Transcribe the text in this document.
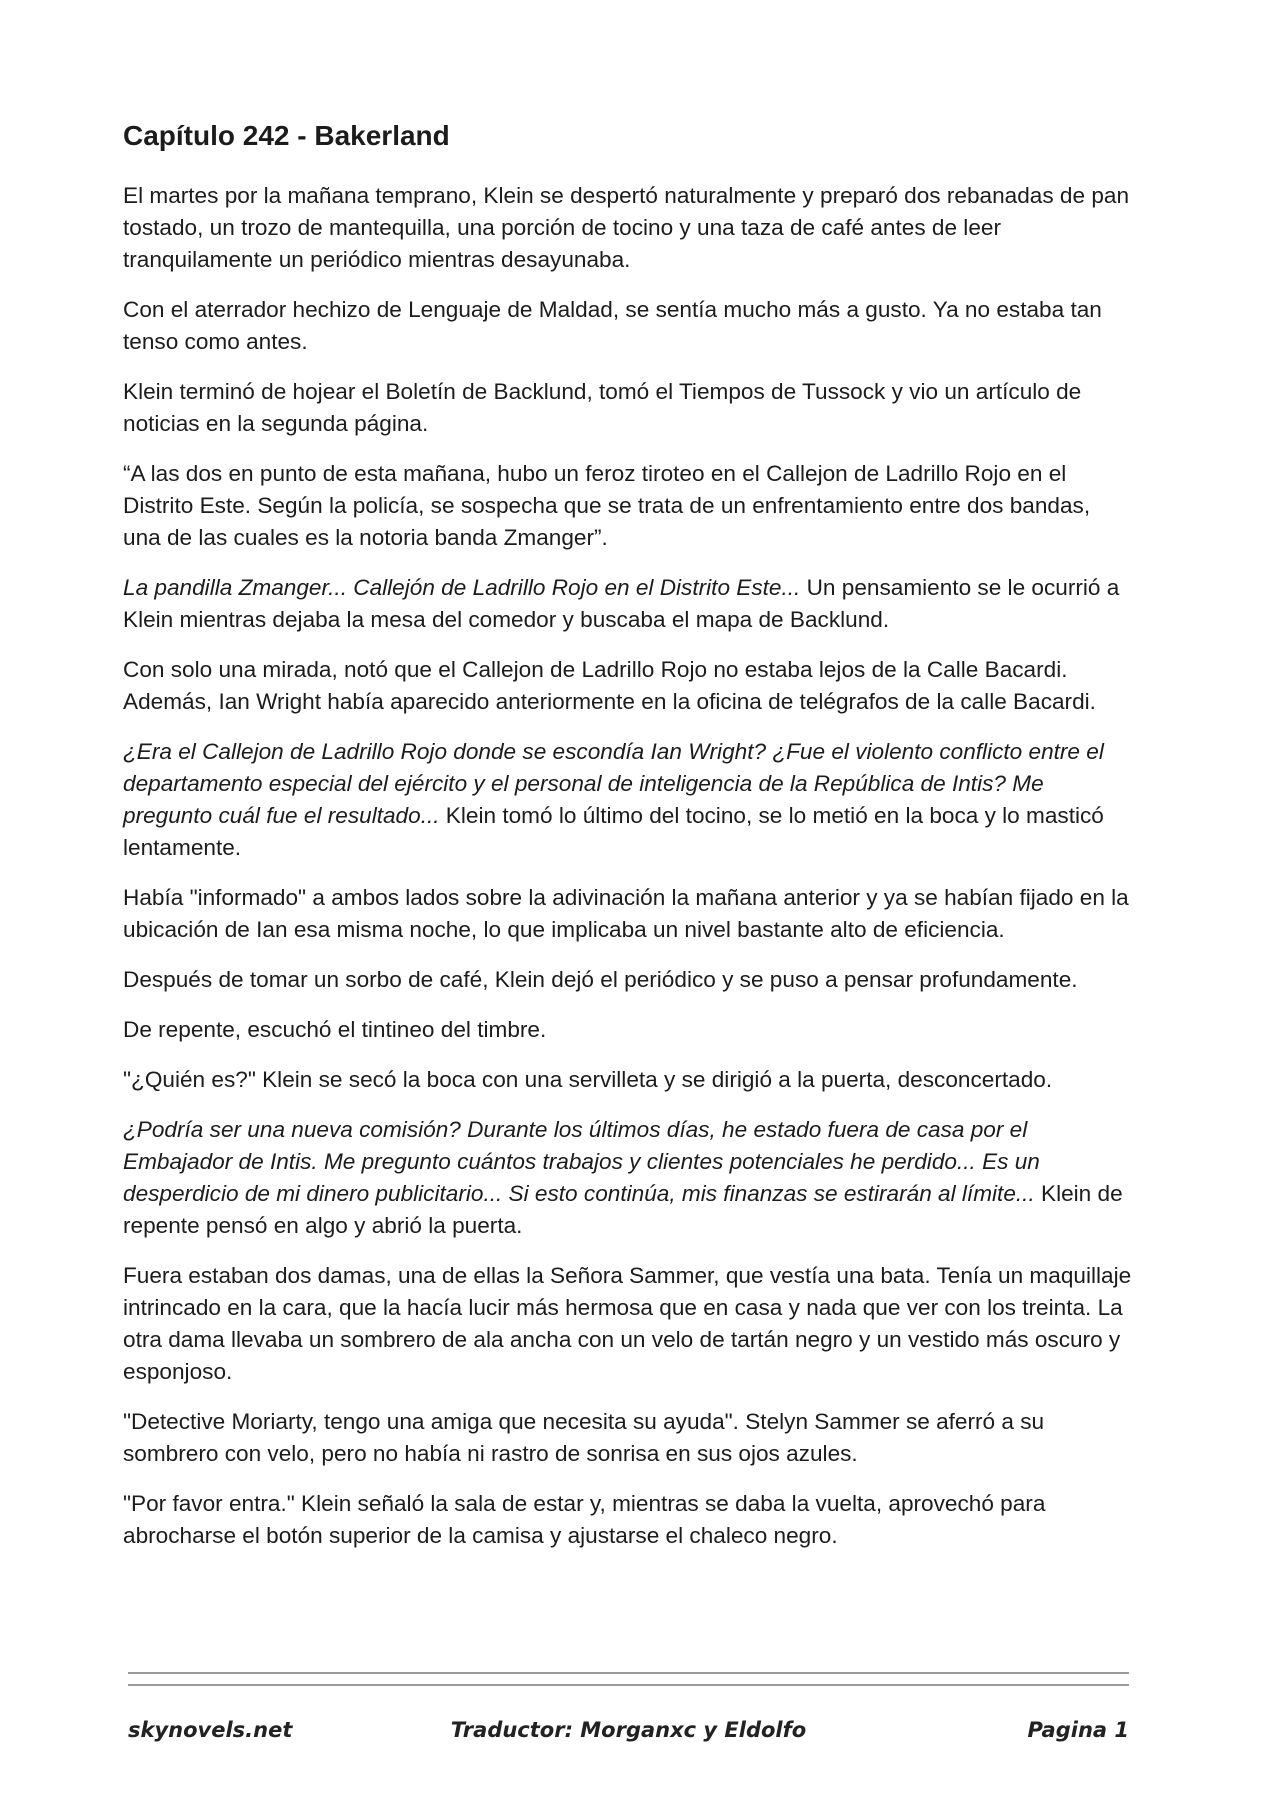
Capítulo 242 - Bakerland

El martes por la mañana temprano, Klein se despertó naturalmente y preparó dos rebanadas de pan tostado, un trozo de mantequilla, una porción de tocino y una taza de café antes de leer tranquilamente un periódico mientras desayunaba.

Con el aterrador hechizo de Lenguaje de Maldad, se sentía mucho más a gusto. Ya no estaba tan tenso como antes.

Klein terminó de hojear el Boletín de Backlund, tomó el Tiempos de Tussock y vio un artículo de noticias en la segunda página.

“A las dos en punto de esta mañana, hubo un feroz tiroteo en el Callejon de Ladrillo Rojo en el Distrito Este. Según la policía, se sospecha que se trata de un enfrentamiento entre dos bandas, una de las cuales es la notoria banda Zmanger”.

La pandilla Zmanger... Callejón de Ladrillo Rojo en el Distrito Este... Un pensamiento se le ocurrió a Klein mientras dejaba la mesa del comedor y buscaba el mapa de Backlund.

Con solo una mirada, notó que el Callejon de Ladrillo Rojo no estaba lejos de la Calle Bacardi. Además, Ian Wright había aparecido anteriormente en la oficina de telégrafos de la calle Bacardi.

¿Era el Callejon de Ladrillo Rojo donde se escondía Ian Wright? ¿Fue el violento conflicto entre el departamento especial del ejército y el personal de inteligencia de la República de Intis? Me pregunto cuál fue el resultado... Klein tomó lo último del tocino, se lo metió en la boca y lo masticó lentamente.

Había "informado" a ambos lados sobre la adivinación la mañana anterior y ya se habían fijado en la ubicación de Ian esa misma noche, lo que implicaba un nivel bastante alto de eficiencia.

Después de tomar un sorbo de café, Klein dejó el periódico y se puso a pensar profundamente.

De repente, escuchó el tintineo del timbre.

"¿Quién es?" Klein se secó la boca con una servilleta y se dirigió a la puerta, desconcertado.

¿Podría ser una nueva comisión? Durante los últimos días, he estado fuera de casa por el Embajador de Intis. Me pregunto cuántos trabajos y clientes potenciales he perdido... Es un desperdicio de mi dinero publicitario... Si esto continúa, mis finanzas se estirarán al límite... Klein de repente pensó en algo y abrió la puerta.

Fuera estaban dos damas, una de ellas la Señora Sammer, que vestía una bata. Tenía un maquillaje intrincado en la cara, que la hacía lucir más hermosa que en casa y nada que ver con los treinta. La otra dama llevaba un sombrero de ala ancha con un velo de tartán negro y un vestido más oscuro y esponjoso.

"Detective Moriarty, tengo una amiga que necesita su ayuda". Stelyn Sammer se aferró a su sombrero con velo, pero no había ni rastro de sonrisa en sus ojos azules.

"Por favor entra." Klein señaló la sala de estar y, mientras se daba la vuelta, aprovechó para abrocharse el botón superior de la camisa y ajustarse el chaleco negro.

skynovels.net	Traductor: Morganxc y Eldolfo	Pagina 1
